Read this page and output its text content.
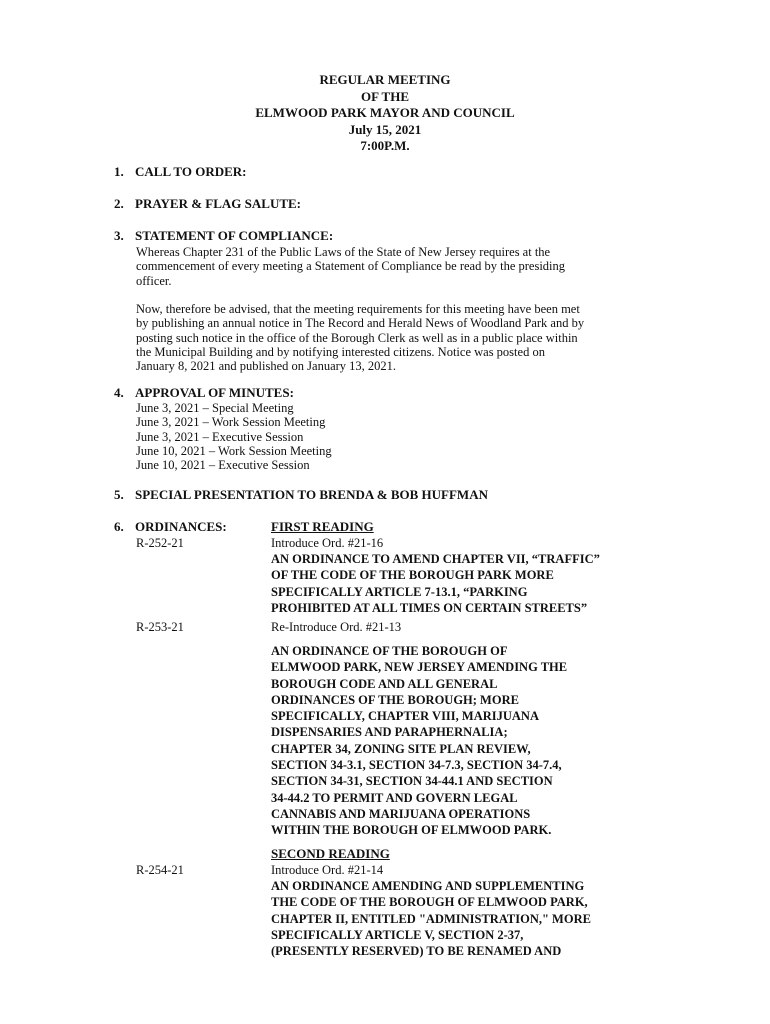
REGULAR MEETING
OF THE
ELMWOOD PARK MAYOR AND COUNCIL
July 15, 2021
7:00P.M.
1. CALL TO ORDER:
2. PRAYER & FLAG SALUTE:
3. STATEMENT OF COMPLIANCE:
Whereas Chapter 231 of the Public Laws of the State of New Jersey requires at the
commencement of every meeting a Statement of Compliance be read by the presiding
officer.
Now, therefore be advised, that the meeting requirements for this meeting have been met
by publishing an annual notice in The Record and Herald News of Woodland Park and by
posting such notice in the office of the Borough Clerk as well as in a public place within
the Municipal Building and by notifying interested citizens. Notice was posted on
January 8, 2021 and published on January 13, 2021.
4. APPROVAL OF MINUTES:
June 3, 2021 – Special Meeting
June 3, 2021 – Work Session Meeting
June 3, 2021 – Executive Session
June 10, 2021 – Work Session Meeting
June 10, 2021 – Executive Session
5. SPECIAL PRESENTATION TO BRENDA & BOB HUFFMAN
6. ORDINANCES:	FIRST READING
R-252-21	Introduce Ord. #21-16
AN ORDINANCE TO AMEND CHAPTER VII, “TRAFFIC”
OF THE CODE OF THE BOROUGH PARK MORE
SPECIFICALLY ARTICLE 7-13.1, “PARKING
PROHIBITED AT ALL TIMES ON CERTAIN STREETS”
R-253-21	Re-Introduce Ord. #21-13
AN ORDINANCE OF THE BOROUGH OF
ELMWOOD PARK, NEW JERSEY AMENDING THE
BOROUGH CODE AND ALL GENERAL
ORDINANCES OF THE BOROUGH; MORE
SPECIFICALLY, CHAPTER VIII, MARIJUANA
DISPENSARIES AND PARAPHERNALIA;
CHAPTER 34, ZONING SITE PLAN REVIEW,
SECTION 34-3.1, SECTION 34-7.3, SECTION 34-7.4,
SECTION 34-31, SECTION 34-44.1 AND SECTION
34-44.2 TO PERMIT AND GOVERN LEGAL
CANNABIS AND MARIJUANA OPERATIONS
WITHIN THE BOROUGH OF ELMWOOD PARK.
SECOND READING
R-254-21	Introduce Ord. #21-14
AN ORDINANCE AMENDING AND SUPPLEMENTING
THE CODE OF THE BOROUGH OF ELMWOOD PARK,
CHAPTER II, ENTITLED "ADMINISTRATION," MORE
SPECIFICALLY ARTICLE V, SECTION 2-37,
(PRESENTLY RESERVED) TO BE RENAMED AND
